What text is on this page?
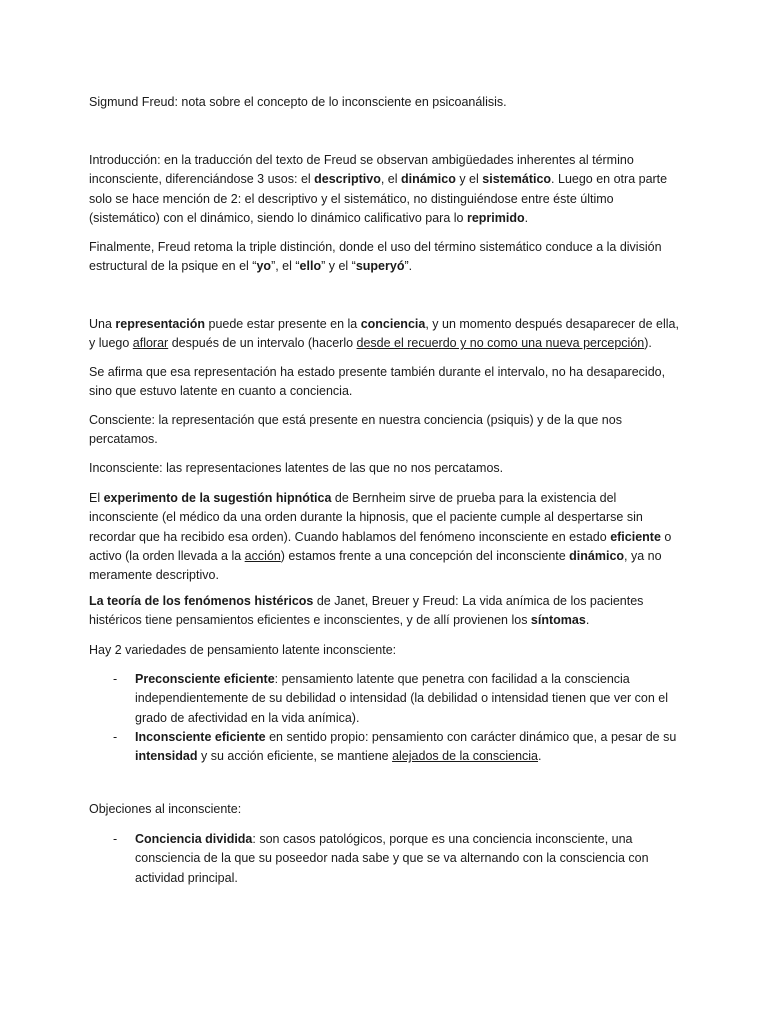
Sigmund Freud: nota sobre el concepto de lo inconsciente en psicoanálisis.

Introducción: en la traducción del texto de Freud se observan ambigüedades inherentes al término
inconsciente, diferenciándose 3 usos: el descriptivo, el dinámico y el sistemático. Luego en otra parte solo se hace mención de 2: el descriptivo y el sistemático, no distinguiéndose entre éste último (sistemático) con el dinámico, siendo lo dinámico calificativo para lo reprimido.

Finalmente, Freud retoma la triple distinción, donde el uso del término sistemático conduce a la división estructural de la psique en el “yo”, el “ello” y el “superyó”.

Una representación puede estar presente en la conciencia, y un momento después desaparecer de ella, y luego aflorar después de un intervalo (hacerlo desde el recuerdo y no como una nueva percepción).

Se afirma que esa representación ha estado presente también durante el intervalo, no ha desaparecido, sino que estuvo latente en cuanto a conciencia.

Consciente: la representación que está presente en nuestra conciencia (psiquis) y de la que nos percatamos.

Inconsciente: las representaciones latentes de las que no nos percatamos.

El experimento de la sugestión hipnótica de Bernheim sirve de prueba para la existencia del inconsciente (el médico da una orden durante la hipnosis, que el paciente cumple al despertarse sin recordar que ha recibido esa orden). Cuando hablamos del fenómeno inconsciente en estado eficiente o activo (la orden llevada a la acción) estamos frente a una concepción del inconsciente dinámico, ya no meramente descriptivo.

La teoría de los fenómenos histéricos de Janet, Breuer y Freud: La vida anímica de los pacientes histéricos tiene pensamientos eficientes e inconscientes, y de allí provienen los síntomas.

Hay 2 variedades de pensamiento latente inconsciente:

- Preconsciente eficiente: pensamiento latente que penetra con facilidad a la consciencia independientemente de su debilidad o intensidad (la debilidad o intensidad tienen que ver con el grado de afectividad en la vida anímica).
- Inconsciente eficiente en sentido propio: pensamiento con carácter dinámico que, a pesar de su intensidad y su acción eficiente, se mantiene alejados de la consciencia.

Objeciones al inconsciente:

- Conciencia dividida: son casos patológicos, porque es una conciencia inconsciente, una consciencia de la que su poseedor nada sabe y que se va alternando con la consciencia con actividad principal.
